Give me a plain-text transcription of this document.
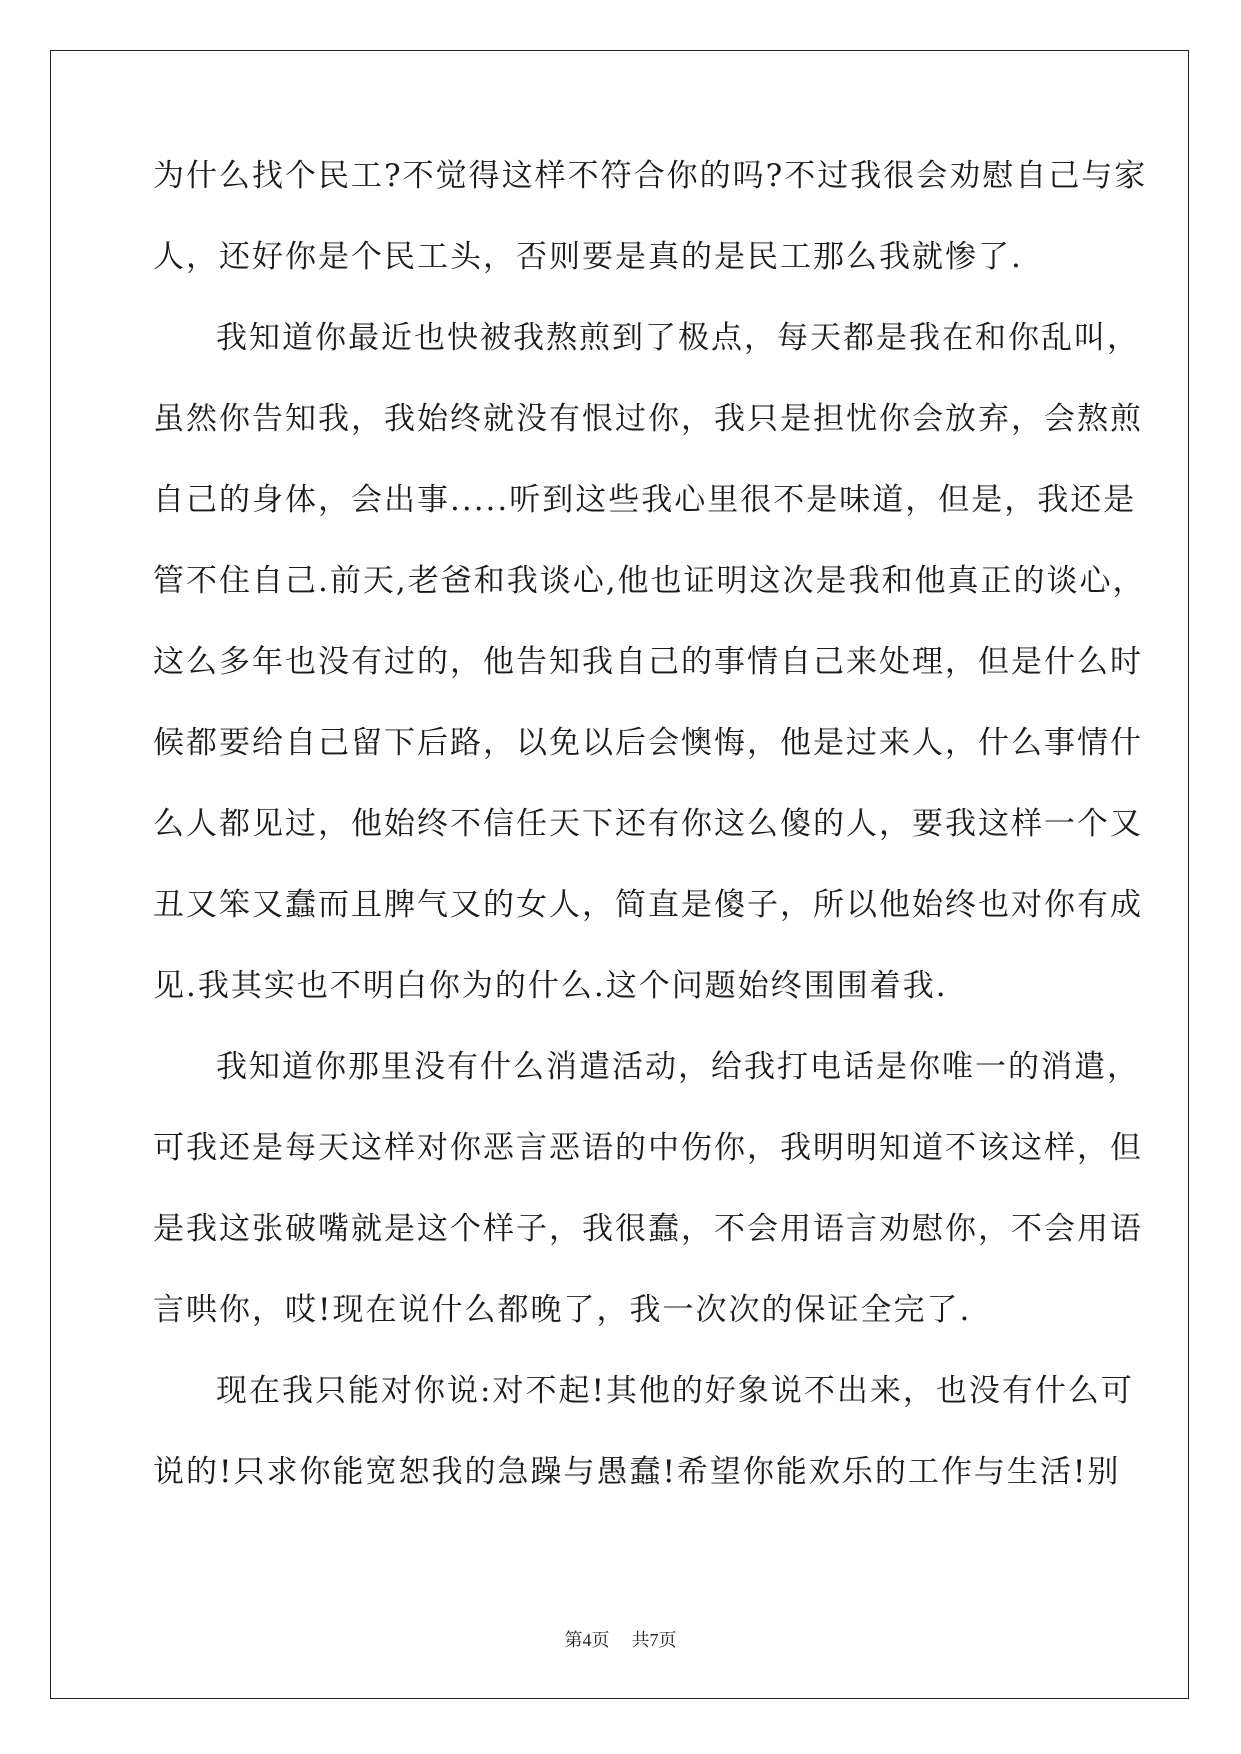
为什么找个民工?不觉得这样不符合你的吗?不过我很会劝慰自己与家
人，还好你是个民工头，否则要是真的是民工那么我就惨了.
我知道你最近也快被我熬煎到了极点，每天都是我在和你乱叫，
虽然你告知我，我始终就没有恨过你，我只是担忧你会放弃，会熬煎
自己的身体，会出事.....听到这些我心里很不是味道，但是，我还是
管不住自己.前天,老爸和我谈心,他也证明这次是我和他真正的谈心，
这么多年也没有过的，他告知我自己的事情自己来处理，但是什么时
候都要给自己留下后路，以免以后会懊悔，他是过来人，什么事情什
么人都见过，他始终不信任天下还有你这么傻的人，要我这样一个又
丑又笨又蠢而且脾气又的女人，简直是傻子，所以他始终也对你有成
见.我其实也不明白你为的什么.这个问题始终围围着我.
我知道你那里没有什么消遣活动，给我打电话是你唯一的消遣，
可我还是每天这样对你恶言恶语的中伤你，我明明知道不该这样，但
是我这张破嘴就是这个样子，我很蠢，不会用语言劝慰你，不会用语
言哄你，哎!现在说什么都晚了，我一次次的保证全完了.
现在我只能对你说:对不起!其他的好象说不出来，也没有什么可
说的!只求你能宽恕我的急躁与愚蠢!希望你能欢乐的工作与生活!别
第4页 共7页
